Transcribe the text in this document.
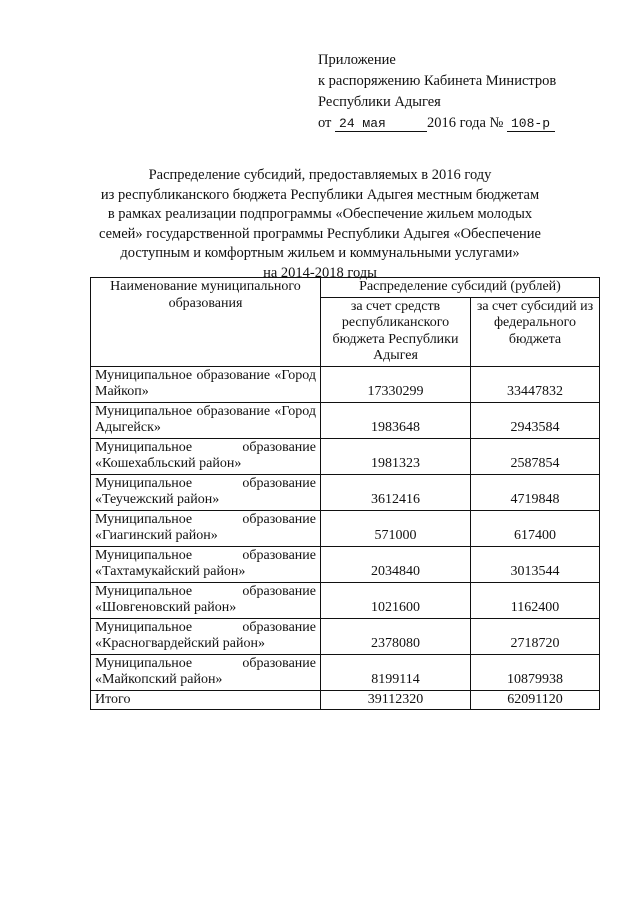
Приложение
к распоряжению Кабинета Министров
Республики Адыгея
от 24 мая	2016 года № 108-р
Распределение субсидий, предоставляемых в 2016 году
из республиканского бюджета Республики Адыгея местным бюджетам
в рамках реализации подпрограммы «Обеспечение жильем молодых
семей» государственной программы Республики Адыгея «Обеспечение
доступным и комфортным жильем и коммунальными услугами»
на 2014-2018 годы
Наименование муниципального образования	Распределение субсидий (рублей)	
	за счет средств республиканского бюджета Республики Адыгея	за счет субсидий из федерального бюджета
Муниципальное образование «Город Майкоп»	17330299	33447832
Муниципальное образование «Город Адыгейск»	1983648	2943584
Муниципальное образование «Кошехабльский район»	1981323	2587854
Муниципальное образование «Теучежский район»	3612416	4719848
Муниципальное образование «Гиагинский район»	571000	617400
Муниципальное образование «Тахтамукайский район»	2034840	3013544
Муниципальное образование «Шовгеновский район»	1021600	1162400
Муниципальное образование «Красногвардейский район»	2378080	2718720
Муниципальное образование «Майкопский район»	8199114	10879938
Итого	39112320	62091120
